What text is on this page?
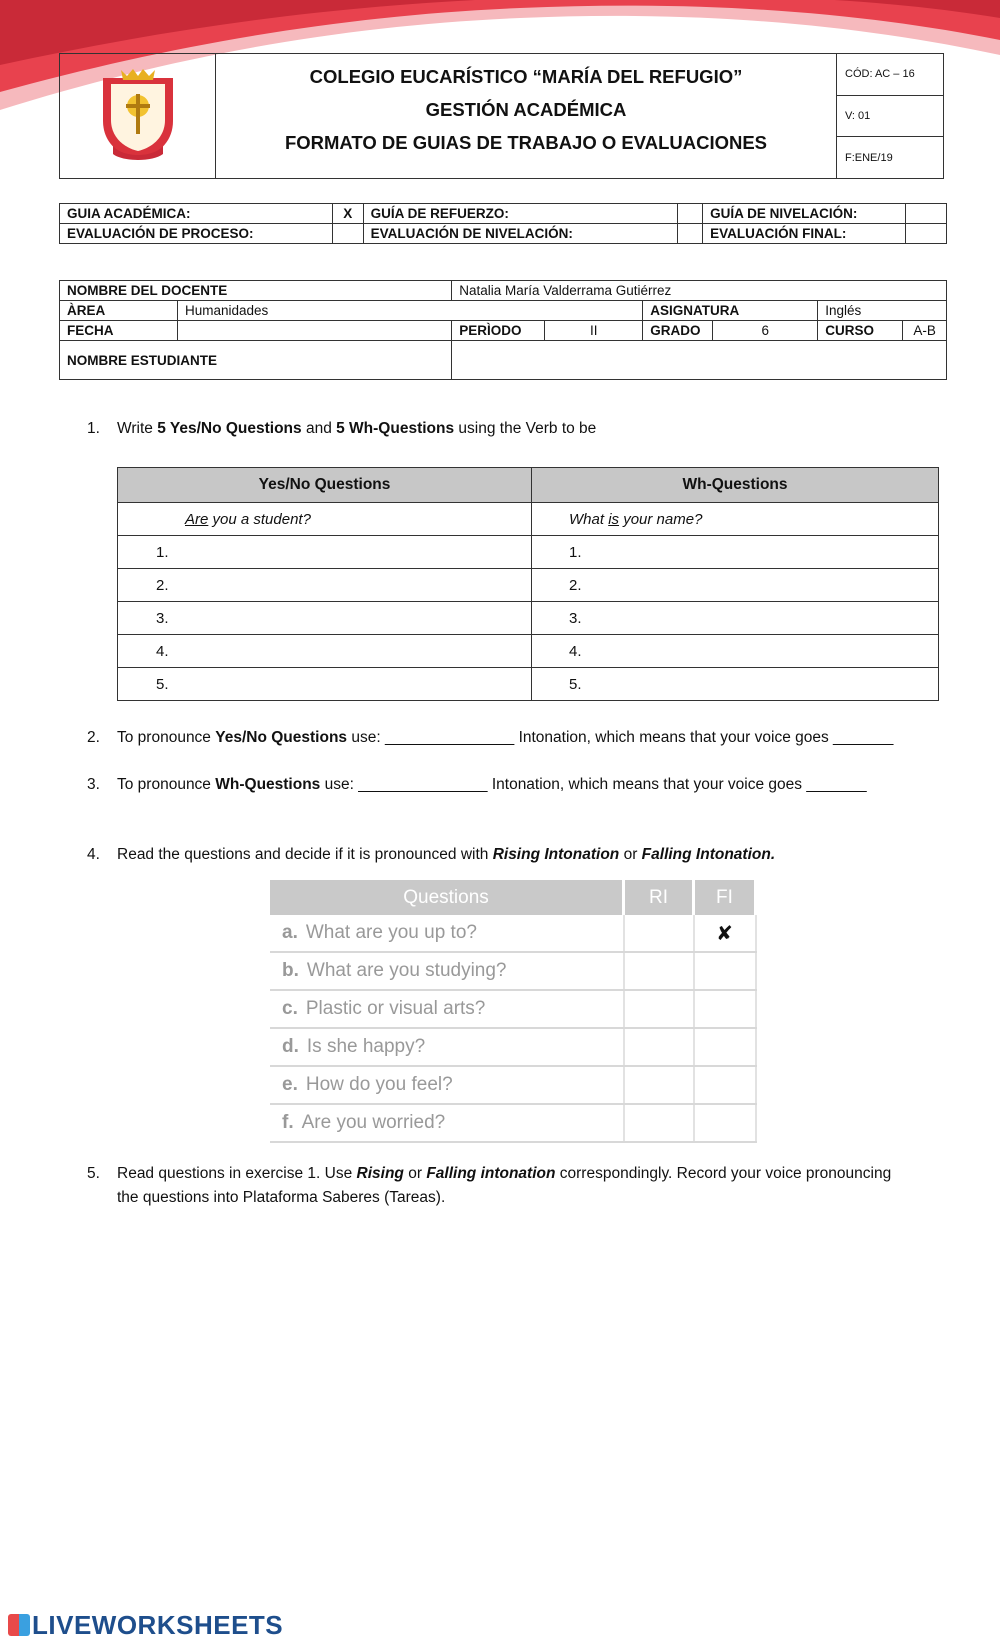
COLEGIO EUCARÍSTICO “MARÍA DEL REFUGIO”
GESTIÓN ACADÉMICA
FORMATO DE GUIAS DE TRABAJO O EVALUACIONES
	CÓD: AC – 16
V: 01
F:ENE/19
GUIA ACADÉMICA:	X	GUÍA DE REFUERZO:		GUÍA DE NIVELACIÓN:	
EVALUACIÓN DE PROCESO:		EVALUACIÓN DE NIVELACIÓN:		EVALUACIÓN FINAL:	
NOMBRE DEL DOCENTE		Natalia María Valderrama Gutiérrez					
ÀREA	Humanidades			ASIGNATURA		Inglés	
FECHA		PERÌODO	II	GRADO	6	CURSO	A-B
NOMBRE ESTUDIANTE							
1. Write 5 Yes/No Questions and 5 Wh-Questions using the Verb to be
Yes/No Questions	Wh-Questions
Are you a student?	What is your name?
1.	1.
2.	2.
3.	3.
4.	4.
5.	5.
2. To pronounce Yes/No Questions use: _______________ Intonation, which means that your voice goes _______
3. To pronounce Wh-Questions use: _______________ Intonation, which means that your voice goes _______
4. Read the questions and decide if it is pronounced with Rising Intonation or Falling Intonation.
Questions	RI	FI
a. What are you up to?		✘
b. What are you studying?		
c. Plastic or visual arts?		
d. Is she happy?		
e. How do you feel?		
f. Are you worried?		
5. Read questions in exercise 1. Use Rising or Falling intonation correspondingly. Record your voice pronouncing
the questions into Plataforma Saberes (Tareas).
LIVEWORKSHEETS
